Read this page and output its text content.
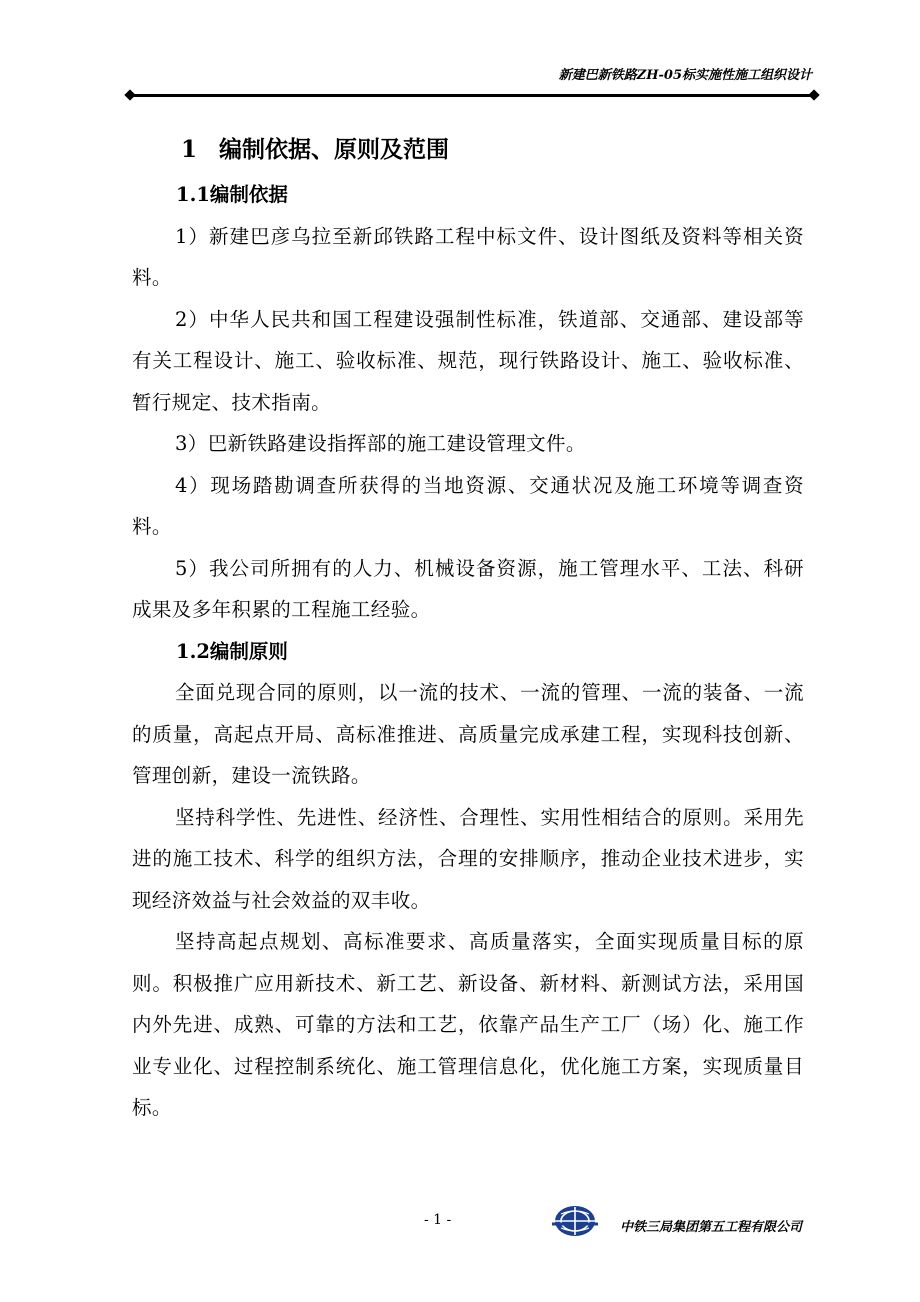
新建巴新铁路ZH-05标实施性施工组织设计
1 编制依据、原则及范围
1.1编制依据

1）新建巴彦乌拉至新邱铁路工程中标文件、设计图纸及资料等相关资料。

2）中华人民共和国工程建设强制性标准，铁道部、交通部、建设部等有关工程设计、施工、验收标准、规范，现行铁路设计、施工、验收标准、暂行规定、技术指南。

3）巴新铁路建设指挥部的施工建设管理文件。

4）现场踏勘调查所获得的当地资源、交通状况及施工环境等调查资料。

5）我公司所拥有的人力、机械设备资源，施工管理水平、工法、科研成果及多年积累的工程施工经验。

1.2编制原则

全面兑现合同的原则，以一流的技术、一流的管理、一流的装备、一流的质量，高起点开局、高标准推进、高质量完成承建工程，实现科技创新、管理创新，建设一流铁路。

坚持科学性、先进性、经济性、合理性、实用性相结合的原则。采用先进的施工技术、科学的组织方法，合理的安排顺序，推动企业技术进步，实现经济效益与社会效益的双丰收。

坚持高起点规划、高标准要求、高质量落实，全面实现质量目标的原则。积极推广应用新技术、新工艺、新设备、新材料、新测试方法，采用国内外先进、成熟、可靠的方法和工艺，依靠产品生产工厂（场）化、施工作业专业化、过程控制系统化、施工管理信息化，优化施工方案，实现质量目标。

- 1 -	中铁三局集团第五工程有限公司
